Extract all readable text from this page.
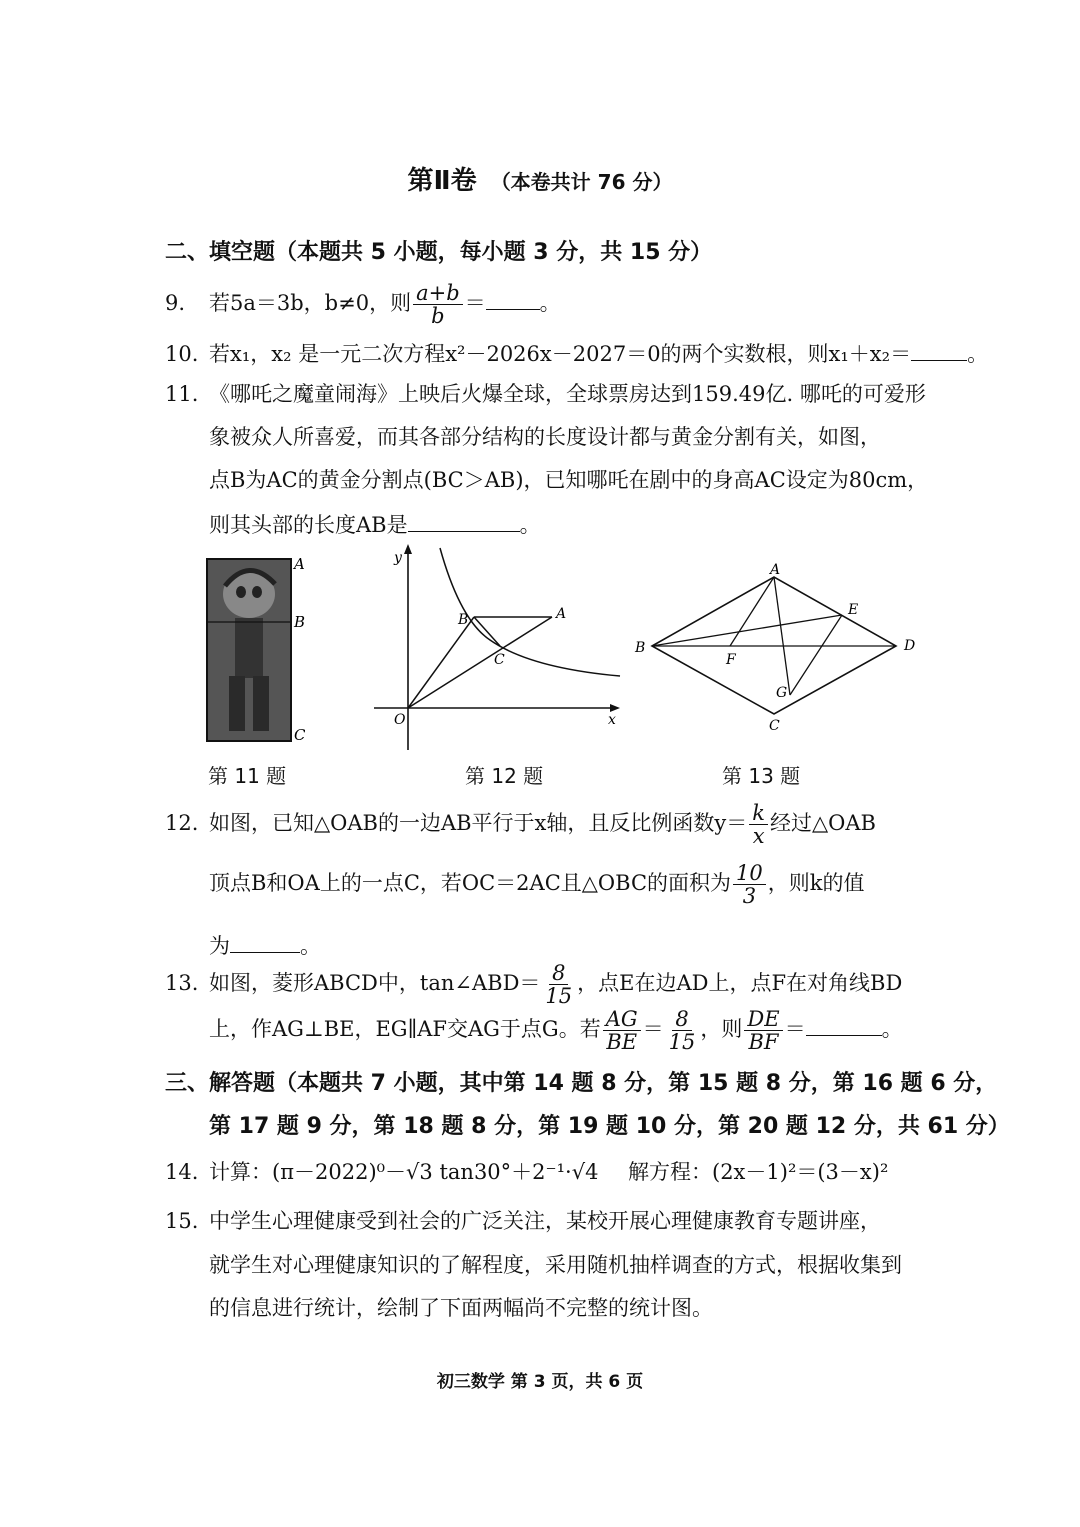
第Ⅱ卷 （本卷共计 76 分）
二、填空题（本题共 5 小题，每小题 3 分，共 15 分）
9. 若5a＝3b，b≠0，则 $\frac{a+b}{b}$ ＝	。
10. 若x₁，x₂ 是一元二次方程x²－2026x－2027＝0的两个实数根，则x₁＋x₂＝	。
11. 《哪吒之魔童闹海》上映后火爆全球，全球票房达到159.49亿. 哪吒的可爱形
象被众人所喜爱，而其各部分结构的长度设计都与黄金分割有关，如图，
点B为AC的黄金分割点(BC＞AB)，已知哪吒在剧中的身高AC设定为80cm，
则其头部的长度AB是	。
A
B
C
第 11 题
y
x
O
A
B
C
第 12 题
A
B
C
D
E
F
G
第 13 题
12. 如图，已知△OAB的一边AB平行于x轴，且反比例函数$y= \frac{k}{x}$ 经过△OAB
顶点B和OA上的一点C，若OC＝2AC且△OBC的面积为 $\frac{10}{3}$ ，则k的值
为	。
13. 如图，菱形ABCD中，tan∠ABD＝ $\frac{8}{15}$ ，点E在边AD上，点F在对角线BD
上，作AG⊥BE，EG∥AF交AG于点G。若 $\frac{AG}{BE} = \frac{8}{15}$ ，则 $\frac{DE}{BF}$ ＝	。
三、解答题（本题共 7 小题，其中第 14 题 8 分，第 15 题 8 分，第 16 题 6 分，
第 17 题 9 分，第 18 题 8 分，第 19 题 10 分，第 20 题 12 分，共 61 分）
14. 计算：(π－2022)⁰－√3 tan30°＋2⁻¹·√4 解方程：(2x－1)²＝(3－x)²
15. 中学生心理健康受到社会的广泛关注，某校开展心理健康教育专题讲座，
就学生对心理健康知识的了解程度，采用随机抽样调查的方式，根据收集到
的信息进行统计，绘制了下面两幅尚不完整的统计图。
初三数学 第 3 页，共 6 页
